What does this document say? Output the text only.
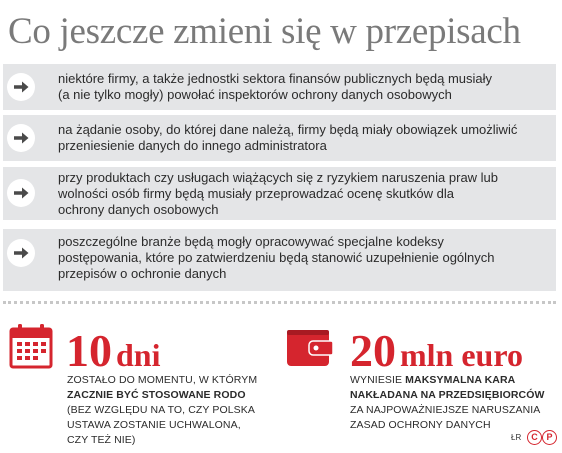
Co jeszcze zmieni się w przepisach
niektóre firmy, a także jednostki sektora finansów publicznych będą musiały
(a nie tylko mogły) powołać inspektorów ochrony danych osobowych
na żądanie osoby, do której dane należą, firmy będą miały obowiązek umożliwić
przeniesienie danych do innego administratora
przy produktach czy usługach wiążących się z ryzykiem naruszenia praw lub
wolności osób firmy będą musiały przeprowadzać ocenę skutków dla
ochrony danych osobowych
poszczególne branże będą mogły opracowywać specjalne kodeksy
postępowania, które po zatwierdzeniu będą stanowić uzupełnienie ogólnych
przepisów o ochronie danych
10 dni
ZOSTAŁO DO MOMENTU, W KTÓRYM
ZACZNIE BYĆ STOSOWANE RODO
(BEZ WZGLĘDU NA TO, CZY POLSKA
USTAWA ZOSTANIE UCHWALONA,
CZY TEŻ NIE)
20 mln euro
WYNIESIE MAKSYMALNA KARA
NAKŁADANA NA PRZEDSIĘBIORCÓW
ZA NAJPOWAŻNIEJSZE NARUSZANIA
ZASAD OCHRONY DANYCH
ŁR	C P
